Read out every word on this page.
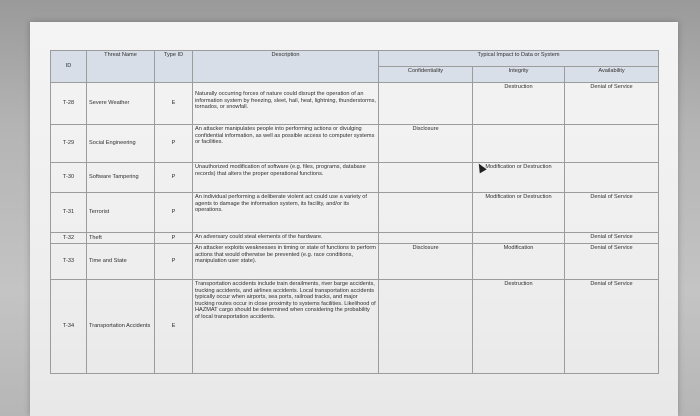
ID	Threat Name	Type ID	Description	Typical Impact to Data or System		
				Confidentiality	Integrity	Availability
T-28	Severe Weather	E	Naturally occurring forces of nature could disrupt the operation of an information system by freezing, sleet, hail, heat, lightning, thunderstorms, tornados, or snowfall.		Destruction	Denial of Service
T-29	Social Engineering	P	An attacker manipulates people into performing actions or divulging confidential information, as well as possible access to computer systems or facilities.	Disclosure		
T-30	Software Tampering	P	Unauthorized modification of software (e.g. files, programs, database records) that alters the proper operational functions.		Modification or Destruction	
T-31	Terrorist	P	An individual performing a deliberate violent act could use a variety of agents to damage the information system, its facility, and/or its operations.		Modification or Destruction	Denial of Service
T-32	Theft	P	An adversary could steal elements of the hardware.			Denial of Service
T-33	Time and State	P	An attacker exploits weaknesses in timing or state of functions to perform actions that would otherwise be prevented (e.g. race conditions, manipulation user state).	Disclosure	Modification	Denial of Service
T-34	Transportation Accidents	E	Transportation accidents include train derailments, river barge accidents, trucking accidents, and airlines accidents. Local transportation accidents typically occur when airports, sea ports, railroad tracks, and major trucking routes occur in close proximity to systems facilities. Likelihood of HAZMAT cargo should be determined when considering the probability of local transportation accidents.		Destruction	Denial of Service
